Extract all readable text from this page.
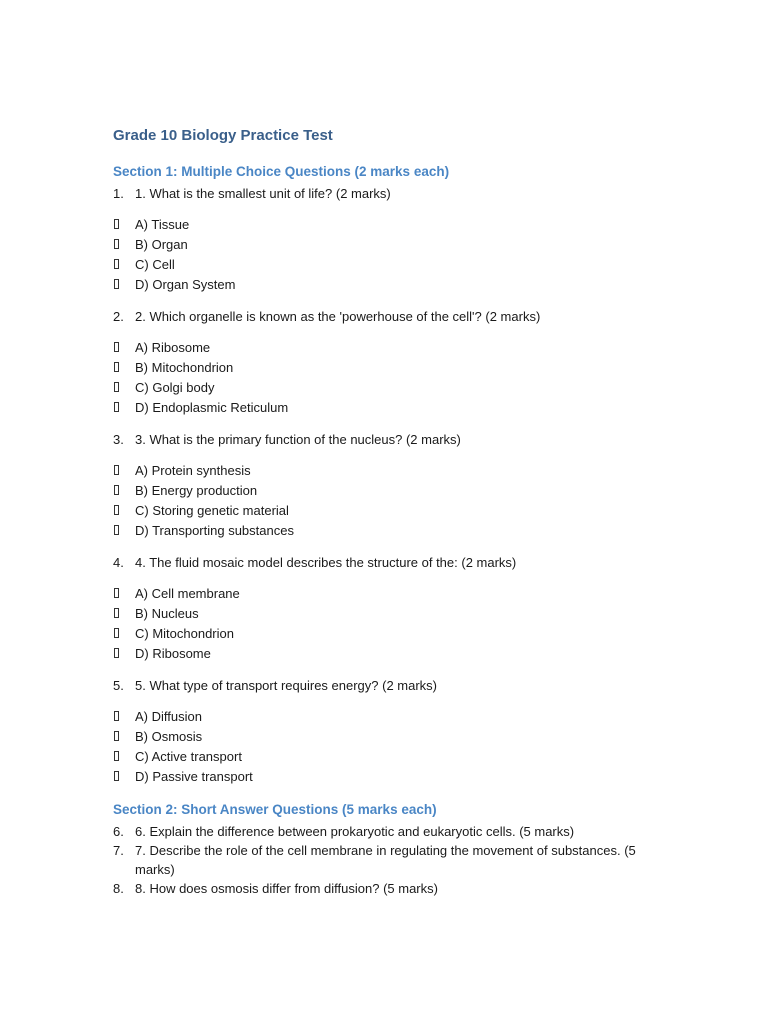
Grade 10 Biology Practice Test
Section 1: Multiple Choice Questions (2 marks each)
1. 1. What is the smallest unit of life? (2 marks)
A) Tissue
B) Organ
C) Cell
D) Organ System
2. 2. Which organelle is known as the 'powerhouse of the cell'? (2 marks)
A) Ribosome
B) Mitochondrion
C) Golgi body
D) Endoplasmic Reticulum
3. 3. What is the primary function of the nucleus? (2 marks)
A) Protein synthesis
B) Energy production
C) Storing genetic material
D) Transporting substances
4. 4. The fluid mosaic model describes the structure of the: (2 marks)
A) Cell membrane
B) Nucleus
C) Mitochondrion
D) Ribosome
5. 5. What type of transport requires energy? (2 marks)
A) Diffusion
B) Osmosis
C) Active transport
D) Passive transport
Section 2: Short Answer Questions (5 marks each)
6. 6. Explain the difference between prokaryotic and eukaryotic cells. (5 marks)
7. 7. Describe the role of the cell membrane in regulating the movement of substances. (5 marks)
8. 8. How does osmosis differ from diffusion? (5 marks)
